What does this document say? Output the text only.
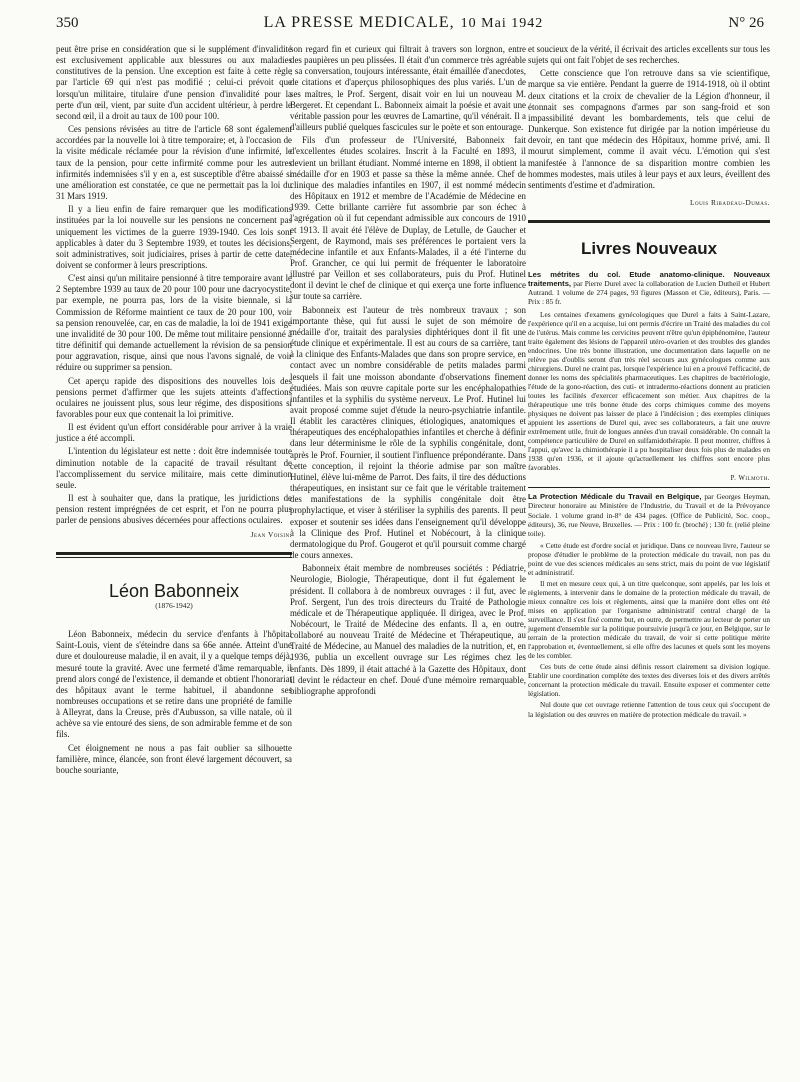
350	LA PRESSE MEDICALE, 10 Mai 1942	N° 26

peut être prise en considération que si le supplément d'invalidité est exclusivement applicable aux blessures ou aux maladies constitutives de la pension. Une exception est faite à cette règle par l'article 69 qui n'est pas modifié ; celui-ci prévoit que lorsqu'un militaire, titulaire d'une pension d'invalidité pour la perte d'un œil, vient, par suite d'un accident ultérieur, à perdre le second œil, il a droit au taux de 100 pour 100.

Ces pensions révisées au titre de l'article 68 sont également accordées par la nouvelle loi à titre temporaire; et, à l'occasion de la visite médicale réclamée pour la révision d'une infirmité, le taux de la pension, pour cette infirmité comme pour les autres infirmités indemnisées s'il y en a, est susceptible d'être abaissé si une amélioration est constatée, ce que ne permettait pas la loi du 31 Mars 1919.

Il y a lieu enfin de faire remarquer que les modifications instituées par la loi nouvelle sur les pensions ne concernent pas uniquement les victimes de la guerre 1939-1940. Ces lois sont applicables à dater du 3 Septembre 1939, et toutes les décisions, soit administratives, soit judiciaires, prises à partir de cette date, doivent se conformer à leurs prescriptions.

C'est ainsi qu'un militaire pensionné à titre temporaire avant le 2 Septembre 1939 au taux de 20 pour 100 pour une dacryocystite, par exemple, ne pourra pas, lors de la visite biennale, si la Commission de Réforme maintient ce taux de 20 pour 100, voir sa pension renouvelée, car, en cas de maladie, la loi de 1941 exige une invalidité de 30 pour 100. De même tout militaire pensionné à titre définitif qui demande actuellement la révision de sa pension pour aggravation, risque, ainsi que nous l'avons signalé, de voir réduire ou supprimer sa pension.

Cet aperçu rapide des dispositions des nouvelles lois des pensions permet d'affirmer que les sujets atteints d'affections oculaires ne jouissent plus, sous leur régime, des dispositions si favorables pour eux que contenait la loi primitive.

Il est évident qu'un effort considérable pour arriver à la vraie justice a été accompli.

L'intention du législateur est nette : doit être indemnisée toute diminution notable de la capacité de travail résultant de l'accomplissement du service militaire, mais cette diminution seule.

Il est à souhaiter que, dans la pratique, les juridictions de pension restent imprégnées de cet esprit, et l'on ne pourra plus parler de pensions abusives décernées pour affections oculaires.

Jean Voisin.
Léon Babonneix
(1876-1942)

Léon Babonneix, médecin du service d'enfants à l'hôpital Saint-Louis, vient de s'éteindre dans sa 66e année. Atteint d'une dure et douloureuse maladie, il en avait, il y a quelque temps déjà, mesuré toute la gravité. Avec une fermeté d'âme remarquable, il prend alors congé de l'existence, il demande et obtient l'honorariat des hôpitaux avant le terme habituel, il abandonne ses nombreuses occupations et se retire dans une propriété de famille à Alleyrat, dans la Creuse, près d'Aubusson, sa ville natale, où il achève sa vie entouré des siens, de son admirable femme et de son fils.

Cet éloignement ne nous a pas fait oublier sa silhouette familière, mince, élancée, son front élevé largement découvert, sa bouche souriante,

son regard fin et curieux qui filtrait à travers son lorgnon, entre des paupières un peu plissées. Il était d'un commerce très agréable ; sa conversation, toujours intéressante, était émaillée d'anecdotes, de citations et d'aperçus philosophiques des plus variés. L'un de ses maîtres, le Prof. Sergent, disait voir en lui un nouveau M. Bergeret. Et cependant L. Babonneix aimait la poésie et avait une véritable passion pour les œuvres de Lamartine, qu'il vénérait. Il a d'ailleurs publié quelques fascicules sur le poète et son entourage.

Fils d'un professeur de l'Université, Babonneix fait d'excellentes études scolaires. Inscrit à la Faculté en 1893, il devient un brillant étudiant. Nommé interne en 1898, il obtient la médaille d'or en 1903 et passe sa thèse la même année. Chef de clinique des maladies infantiles en 1907, il est nommé médecin des Hôpitaux en 1912 et membre de l'Académie de Médecine en 1939. Cette brillante carrière fut assombrie par son échec à l'agrégation où il fut cependant admissible aux concours de 1910 et 1913. Il avait été l'élève de Duplay, de Letulle, de Gaucher et Sergent, de Raymond, mais ses préférences le portaient vers la médecine infantile et aux Enfants-Malades, il a été l'interne du Prof. Grancher, ce qui lui permit de fréquenter le laboratoire illustré par Veillon et ses collaborateurs, puis du Prof. Hutinel dont il devint le chef de clinique et qui exerça une forte influence sur toute sa carrière.

Babonneix est l'auteur de très nombreux travaux ; son importante thèse, qui fut aussi le sujet de son mémoire de médaille d'or, traitait des paralysies diphtériques dont il fit une étude clinique et expérimentale. Il est au cours de sa carrière, tant à la clinique des Enfants-Malades que dans son propre service, en contact avec un nombre considérable de petits malades parmi lesquels il fait une moisson abondante d'observations finement étudiées. Mais son œuvre capitale porte sur les encéphalopathies infantiles et la syphilis du système nerveux. Le Prof. Hutinel lui avait proposé comme sujet d'étude la neuro-psychiatrie infantile. Il établit les caractères cliniques, étiologiques, anatomiques et thérapeutiques des encéphalopathies infantiles et cherche à définir dans leur déterminisme le rôle de la syphilis congénitale, dont, après le Prof. Fournier, il soutient l'influence prépondérante. Dans cette conception, il rejoint la théorie admise par son maître Hutinel, élève lui-même de Parrot. Des faits, il tire des déductions thérapeutiques, en insistant sur ce fait que le véritable traitement des manifestations de la syphilis congénitale doit être prophylactique, et viser à stériliser la syphilis des parents. Il peut exposer et soutenir ses idées dans l'enseignement qu'il développe à la Clinique des Prof. Hutinel et Nobécourt, à la clinique dermatologique du Prof. Gougerot et qu'il poursuit comme chargé de cours annexes.

Babonneix était membre de nombreuses sociétés : Pédiatrie, Neurologie, Biologie, Thérapeutique, dont il fut également le président. Il collabora à de nombreux ouvrages : il fut, avec le Prof. Sergent, l'un des trois directeurs du Traité de Pathologie médicale et de Thérapeutique appliquée. Il dirigea, avec le Prof. Nobécourt, le Traité de Médecine des enfants. Il a, en outre, collaboré au nouveau Traité de Médecine et Thérapeutique, au Traité de Médecine, au Manuel des maladies de la nutrition, et, en 1936, publia un excellent ouvrage sur Les régimes chez les enfants. Dès 1899, il était attaché à la Gazette des Hôpitaux, dont il devint le rédacteur en chef. Doué d'une mémoire remarquable, bibliographe approfondi

et soucieux de la vérité, il écrivait des articles excellents sur tous les sujets qui ont fait l'objet de ses recherches.

Cette conscience que l'on retrouve dans sa vie scientifique, marque sa vie entière. Pendant la guerre de 1914-1918, où il obtint deux citations et la croix de chevalier de la Légion d'honneur, il étonnait ses compagnons d'armes par son sang-froid et son impassibilité devant les bombardements, tels que celui de Dunkerque. Son existence fut dirigée par la notion impérieuse du devoir, en tant que médecin des Hôpitaux, homme privé, ami. Il mourut simplement, comme il avait vécu. L'émotion qui s'est manifestée à l'annonce de sa disparition montre combien les hommes modestes, mais utiles à leur pays et aux leurs, éveillent des sentiments d'estime et d'admiration.

Louis Ribadeau-Dumas.
Livres Nouveaux

Les métrites du col. Etude anatomo-clinique. Nouveaux traitements, par Pierre Durel avec la collaboration de Lucien Dutheil et Hubert Autrand. 1 volume de 274 pages, 93 figures (Masson et Cie, éditeurs), Paris. — Prix : 85 fr.

Les centaines d'examens gynécologiques que Durel a faits à Saint-Lazare, l'expérience qu'il en a acquise, lui ont permis d'écrire un Traité des maladies du col de l'utérus. Mais comme les cervicites peuvent n'être qu'un épiphénomène, l'auteur traite également des lésions de l'appareil utéro-ovarien et des troubles des glandes endocrines. Une très bonne illustration, une documentation dans laquelle on ne relève pas d'oublis seront d'un très réel secours aux gynécologues comme aux chirurgiens. Durel ne craint pas, lorsque l'expérience lui en a prouvé l'efficacité, de donner les noms des spécialités pharmaceutiques. Les chapitres de bactériologie, l'étude de la gono-réaction, des cuti- et intradermo-réactions donnent au praticien toutes les facilités d'exercer efficacement son métier. Aux chapitres de la thérapeutique une très bonne étude des corps chimiques comme des moyens physiques ne doivent pas laisser de place à l'indécision ; des exemples cliniques appuient les assertions de Durel qui, avec ses collaborateurs, a fait une œuvre extrêmement utile, fruit de longues années d'un travail considérable. On connaît la compétence particulière de Durel en sulfamidothérapie. Il peut montrer, chiffres à l'appui, qu'avec la chimiothérapie il a pu hospitaliser deux fois plus de malades en 1938 qu'en 1936, et il ajoute qu'actuellement les chiffres sont encore plus favorables.

P. Wilmoth.

La Protection Médicale du Travail en Belgique, par Georges Heyman, Directeur honoraire au Ministère de l'Industrie, du Travail et de la Prévoyance Sociale. 1 volume grand in-8° de 434 pages. (Office de Publicité, Soc. coop., éditeurs), 36, rue Neuve, Bruxelles. — Prix : 100 fr. (broché) ; 130 fr. (relié pleine toile).

« Cette étude est d'ordre social et juridique. Dans ce nouveau livre, l'auteur se propose d'étudier le problème de la protection médicale du travail, non pas du point de vue des sciences médicales au sens strict, mais du point de vue législatif et administratif.

Il met en mesure ceux qui, à un titre quelconque, sont appelés, par les lois et règlements, à intervenir dans le domaine de la protection médicale du travail, de mieux connaître ces lois et règlements, ainsi que la manière dont elles ont été mises en application par l'organisme administratif central chargé de la surveillance. Il s'est fixé comme but, en outre, de permettre au lecteur de porter un jugement d'ensemble sur la politique poursuivie jusqu'à ce jour, en Belgique, sur le terrain de la protection médicale du travail, de voir si cette politique mérite l'approbation et, éventuellement, si elle offre des lacunes et quels sont les moyens de les combler.

Ces buts de cette étude ainsi définis ressort clairement sa division logique. Etablir une coordination complète des textes des diverses lois et des divers arrêtés concernant la protection médicale du travail. Ensuite exposer et commenter cette législation.

Nul doute que cet ouvrage retienne l'attention de tous ceux qui s'occupent de la législation ou des œuvres en matière de protection médicale du travail. »
